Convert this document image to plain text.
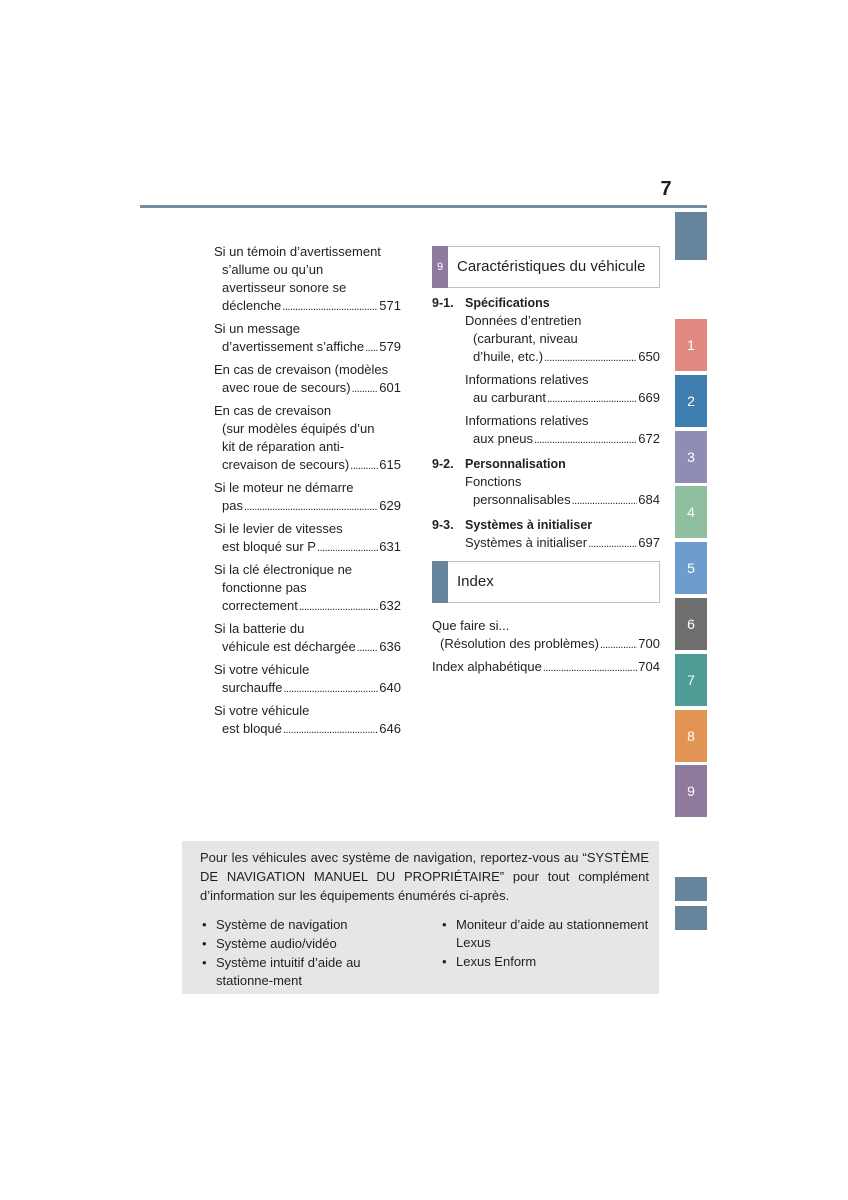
7
Si un témoin d’avertissement
s’allume ou qu’un
avertisseur sonore se
déclenche .....	571
Si un message
d’avertissement s’affiche ..... 579
En cas de crevaison (modèles
avec roue de secours) ..... 601
En cas de crevaison
(sur modèles équipés d’un
kit de réparation anti-
crevaison de secours) ..... 615
Si le moteur ne démarre
pas .....	629
Si le levier de vitesses
est bloqué sur P .....	631
Si la clé électronique ne
fonctionne pas
correctement .....	632
Si la batterie du
véhicule est déchargée ..... 636
Si votre véhicule
surchauffe .....	640
Si votre véhicule
est bloqué .....	646
9 Caractéristiques du véhicule
9-1. Spécifications
Données d’entretien
(carburant, niveau
d’huile, etc.) .....	650
Informations relatives
au carburant .....	669
Informations relatives
aux pneus .....	672
9-2. Personnalisation
Fonctions
personnalisables .....	684
9-3. Systèmes à initialiser
Systèmes à initialiser .....	697
Index
Que faire si...
(Résolution des problèmes) .....	700
Index alphabétique .....	704
1
2
3
4
5
6
7
8
9
Pour les véhicules avec système de navigation, reportez-vous au “SYSTÈME DE NAVIGATION MANUEL DU PROPRIÉTAIRE” pour tout complément d’information sur les équipements énumérés ci-après.
• Système de navigation
• Système audio/vidéo
• Système intuitif d’aide au stationne-ment
• Moniteur d’aide au stationnement Lexus
• Lexus Enform
